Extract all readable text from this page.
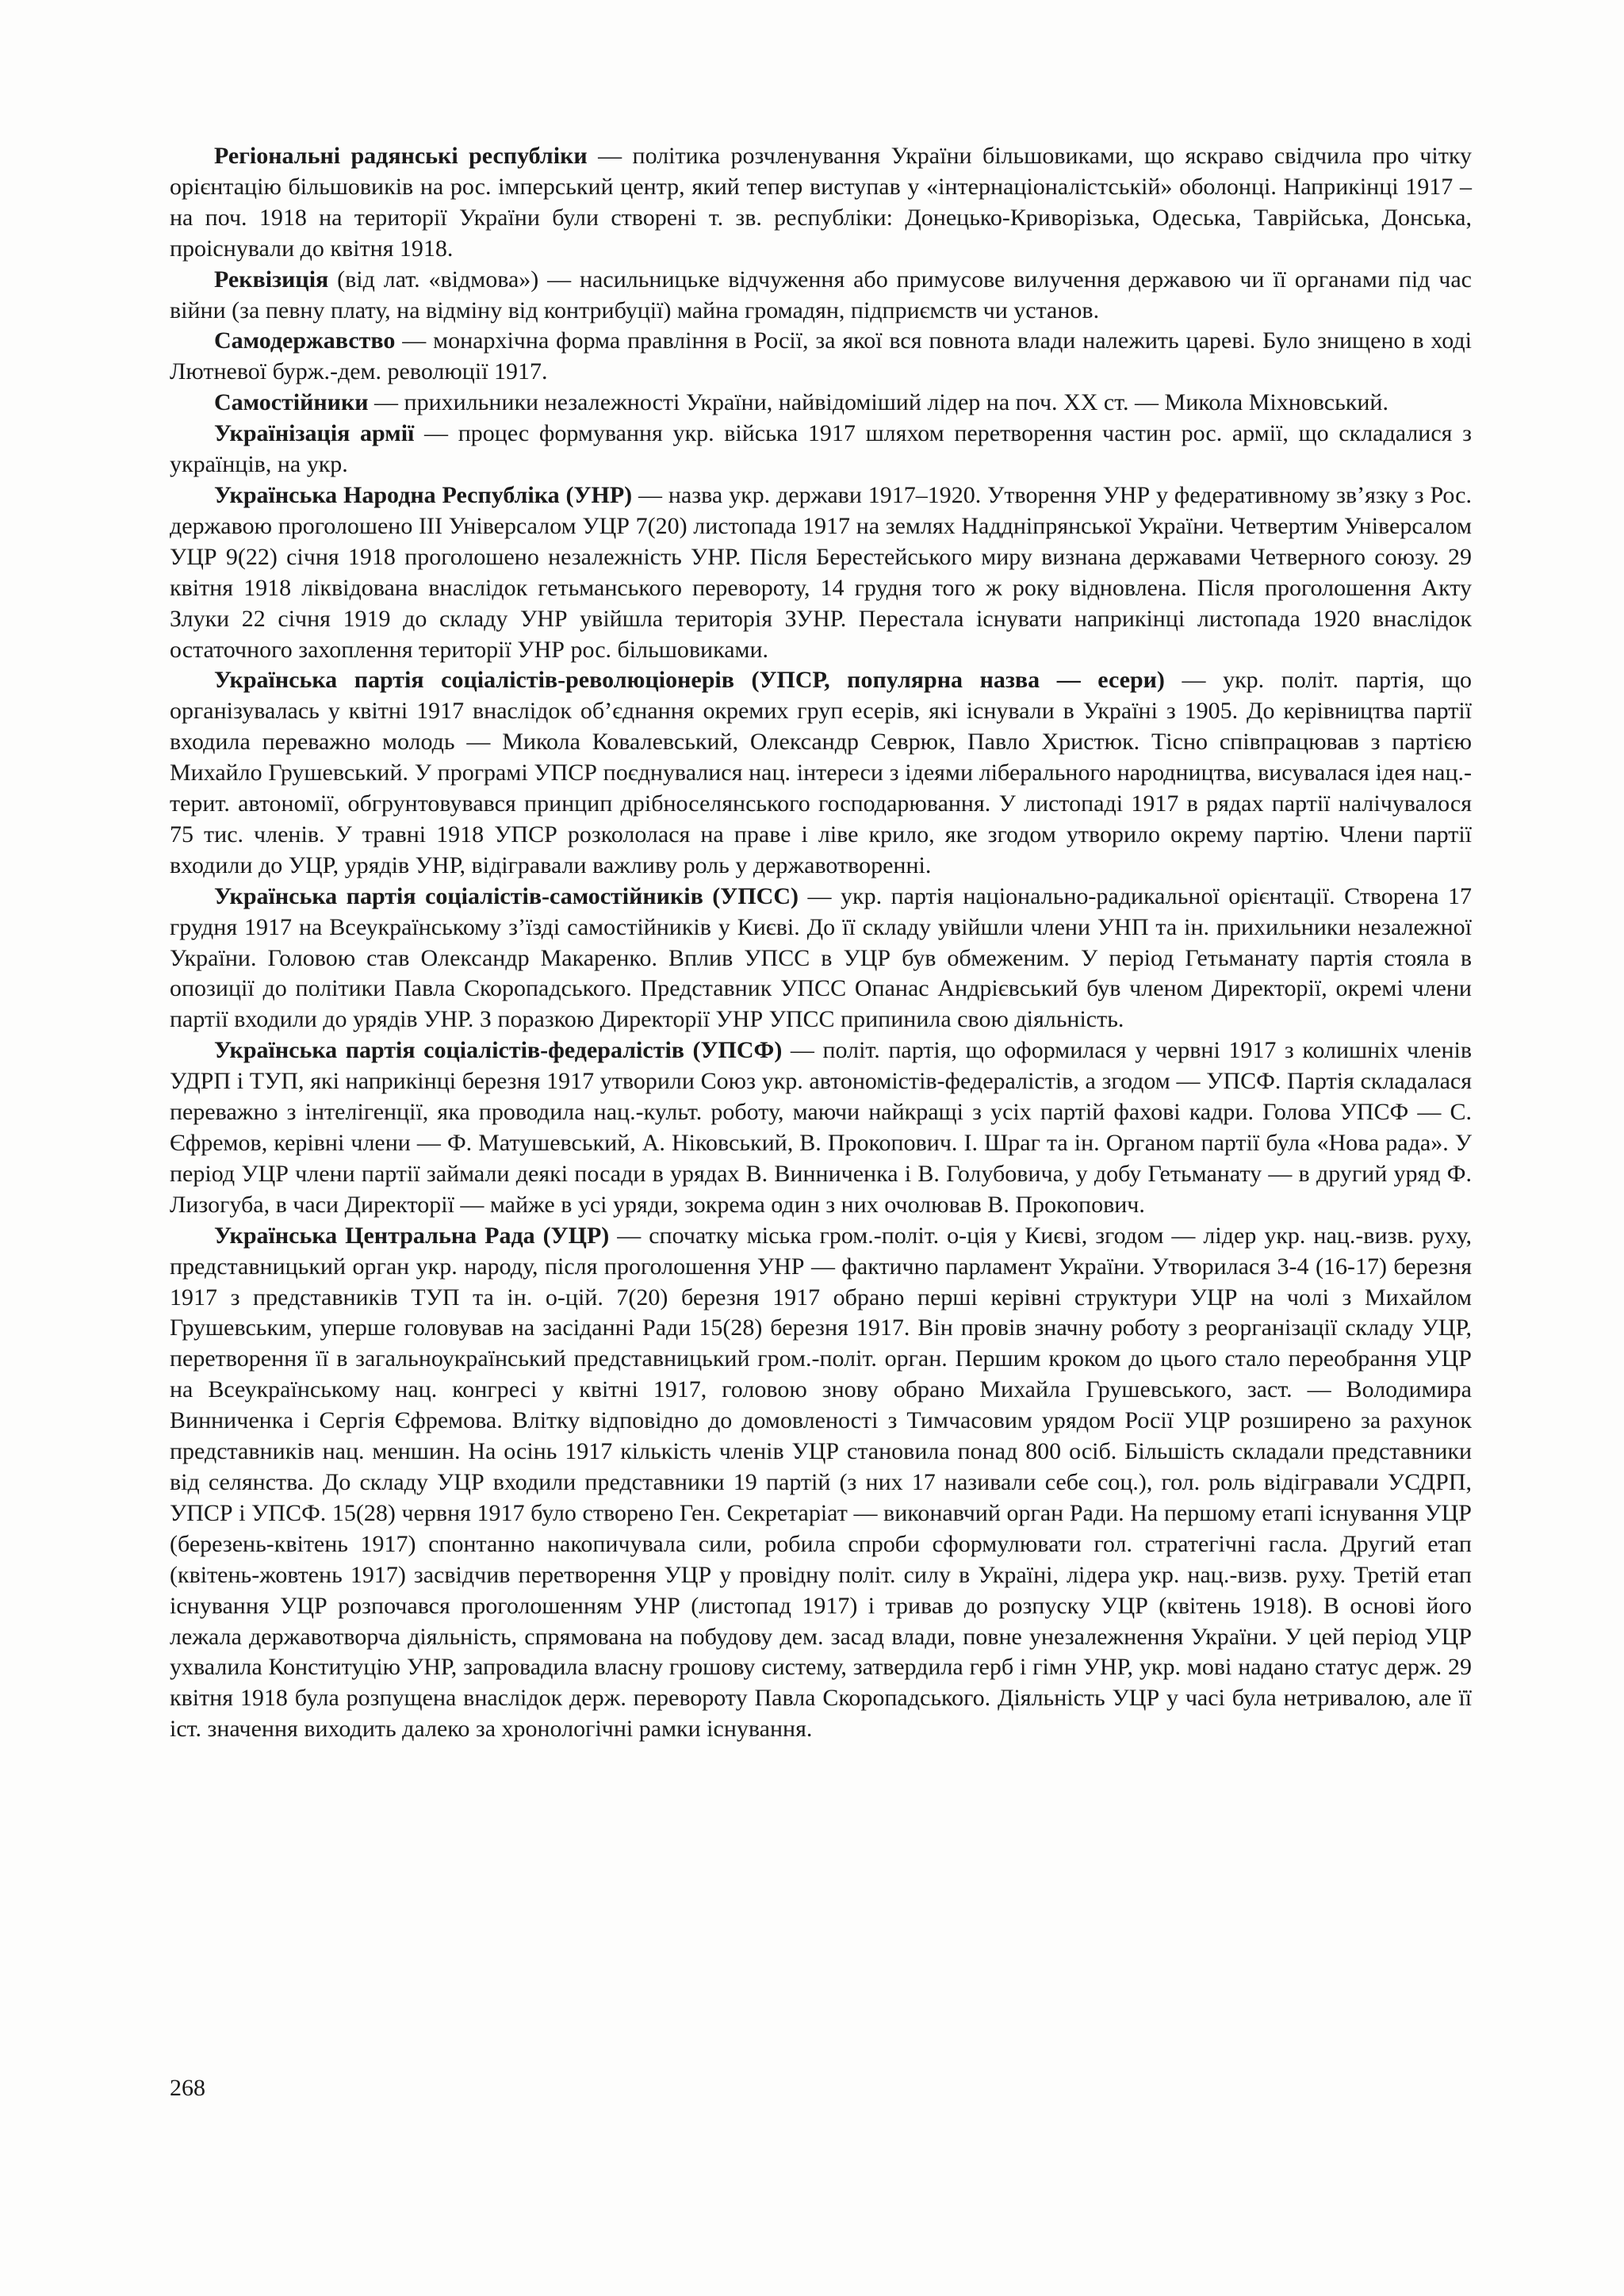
Регіональні радянські республіки — політика розчленування України більшовиками, що яскраво свідчила про чітку орієнтацію більшовиків на рос. імперський центр, який тепер виступав у «інтернаціоналістській» оболонці. Наприкінці 1917 – на поч. 1918 на території України були створені т. зв. республіки: Донецько-Криворізька, Одеська, Таврійська, Донська, проіснували до квітня 1918.

Реквізиція (від лат. «відмова») — насильницьке відчуження або примусове вилучення державою чи її органами під час війни (за певну плату, на відміну від контрибуції) майна громадян, підприємств чи установ.

Самодержавство — монархічна форма правління в Росії, за якої вся повнота влади належить цареві. Було знищено в ході Лютневої бурж.-дем. революції 1917.

Самостійники — прихильники незалежності України, найвідоміший лідер на поч. ХХ ст. — Микола Міхновський.

Українізація армії — процес формування укр. війська 1917 шляхом перетворення частин рос. армії, що складалися з українців, на укр.

Українська Народна Республіка (УНР) — назва укр. держави 1917–1920. Утворення УНР у федеративному зв’язку з Рос. державою проголошено ІІІ Універсалом УЦР 7(20) листопада 1917 на землях Наддніпрянської України. Четвертим Універсалом УЦР 9(22) січня 1918 проголошено незалежність УНР. Після Берестейського миру визнана державами Четверного союзу. 29 квітня 1918 ліквідована внаслідок гетьманського перевороту, 14 грудня того ж року відновлена. Після проголошення Акту Злуки 22 січня 1919 до складу УНР увійшла територія ЗУНР. Перестала існувати наприкінці листопада 1920 внаслідок остаточного захоплення території УНР рос. більшовиками.

Українська партія соціалістів-революціонерів (УПСР, популярна назва — есери) — укр. політ. партія, що організувалась у квітні 1917 внаслідок об’єднання окремих груп есерів, які існували в Україні з 1905. До керівництва партії входила переважно молодь — Микола Ковалевський, Олександр Севрюк, Павло Христюк. Тісно співпрацював з партією Михайло Грушевський. У програмі УПСР поєднувалися нац. інтереси з ідеями ліберального народництва, висувалася ідея нац.-терит. автономії, обгрунтовувався принцип дрібноселянського господарювання. У листопаді 1917 в рядах партії налічувалося 75 тис. членів. У травні 1918 УПСР розкололася на праве і ліве крило, яке згодом утворило окрему партію. Члени партії входили до УЦР, урядів УНР, відігравали важливу роль у державотворенні.

Українська партія соціалістів-самостійників (УПСС) — укр. партія національно-радикальної орієнтації. Створена 17 грудня 1917 на Всеукраїнському з’їзді самостійників у Києві. До її складу увійшли члени УНП та ін. прихильники незалежної України. Головою став Олександр Макаренко. Вплив УПСС в УЦР був обмеженим. У період Гетьманату партія стояла в опозиції до політики Павла Скоропадського. Представник УПСС Опанас Андрієвський був членом Директорії, окремі члени партії входили до урядів УНР. З поразкою Директорії УНР УПСС припинила свою діяльність.

Українська партія соціалістів-федералістів (УПСФ) — політ. партія, що оформилася у червні 1917 з колишніх членів УДРП і ТУП, які наприкінці березня 1917 утворили Союз укр. автономістів-федералістів, а згодом — УПСФ. Партія складалася переважно з інтелігенції, яка проводила нац.-культ. роботу, маючи найкращі з усіх партій фахові кадри. Голова УПСФ — С. Єфремов, керівні члени — Ф. Матушевський, А. Ніковський, В. Прокопович. І. Шраг та ін. Органом партії була «Нова рада». У період УЦР члени партії займали деякі посади в урядах В. Винниченка і В. Голубовича, у добу Гетьманату — в другий уряд Ф. Лизогуба, в часи Директорії — майже в усі уряди, зокрема один з них очолював В. Прокопович.

Українська Центральна Рада (УЦР) — спочатку міська гром.-політ. о-ція у Києві, згодом — лідер укр. нац.-визв. руху, представницький орган укр. народу, після проголошення УНР — фактично парламент України. Утворилася 3-4 (16-17) березня 1917 з представників ТУП та ін. о-цій. 7(20) березня 1917 обрано перші керівні структури УЦР на чолі з Михайлом Грушевським, уперше головував на засіданні Ради 15(28) березня 1917. Він провів значну роботу з реорганізації складу УЦР, перетворення її в загальноукраїнський представницький гром.-політ. орган. Першим кроком до цього стало переобрання УЦР на Всеукраїнському нац. конгресі у квітні 1917, головою знову обрано Михайла Грушевського, заст. — Володимира Винниченка і Сергія Єфремова. Влітку відповідно до домовленості з Тимчасовим урядом Росії УЦР розширено за рахунок представників нац. меншин. На осінь 1917 кількість членів УЦР становила понад 800 осіб. Більшість складали представники від селянства. До складу УЦР входили представники 19 партій (з них 17 називали себе соц.), гол. роль відігравали УСДРП, УПСР і УПСФ. 15(28) червня 1917 було створено Ген. Секретаріат — виконавчий орган Ради. На першому етапі існування УЦР (березень-квітень 1917) спонтанно накопичувала сили, робила спроби сформулювати гол. стратегічні гасла. Другий етап (квітень-жовтень 1917) засвідчив перетворення УЦР у провідну політ. силу в Україні, лідера укр. нац.-визв. руху. Третій етап існування УЦР розпочався проголошенням УНР (листопад 1917) і тривав до розпуску УЦР (квітень 1918). В основі його лежала державотворча діяльність, спрямована на побудову дем. засад влади, повне унезалежнення України. У цей період УЦР ухвалила Конституцію УНР, запровадила власну грошову систему, затвердила герб і гімн УНР, укр. мові надано статус держ. 29 квітня 1918 була розпущена внаслідок держ. перевороту Павла Скоропадського. Діяльність УЦР у часі була нетривалою, але її іст. значення виходить далеко за хронологічні рамки існування.

268
